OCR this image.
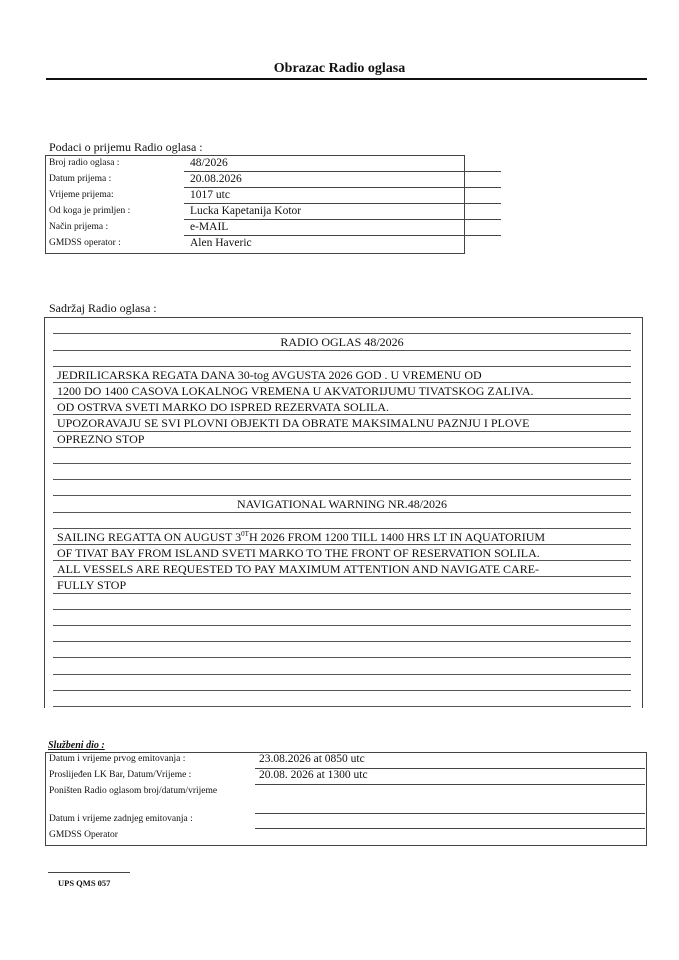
Obrazac Radio oglasa
Podaci o prijemu Radio oglasa :
Broj radio oglasa :	48/2026
Datum prijema :	20.08.2026
Vrijeme prijema:	1017 utc
Od koga je primljen :	Lucka Kapetanija Kotor
Način prijema :	e-MAIL
GMDSS operator :	Alen Haveric
Sadržaj Radio oglasa :
RADIO OGLAS 48/2026
JEDRILICARSKA REGATA DANA 30-tog AVGUSTA 2026 GOD . U VREMENU OD
1200 DO 1400 CASOVA LOKALNOG VREMENA U AKVATORIJUMU TIVATSKOG ZALIVA.
OD OSTRVA SVETI MARKO DO ISPRED REZERVATA SOLILA.
UPOZORAVAJU SE SVI PLOVNI OBJEKTI DA OBRATE MAKSIMALNU PAZNJU I PLOVE
OPREZNO STOP
NAVIGATIONAL WARNING NR.48/2026
SAILING REGATTA ON AUGUST $3^{0T}H$ 2026 FROM 1200 TILL 1400 HRS LT IN AQUATORIUM
OF TIVAT BAY FROM ISLAND SVETI MARKO TO THE FRONT OF RESERVATION SOLILA.
ALL VESSELS ARE REQUESTED TO PAY MAXIMUM ATTENTION AND NAVIGATE CARE-
FULLY STOP
Službeni dio :
Datum i vrijeme prvog emitovanja :	23.08.2026 at 0850 utc
Proslijeđen LK Bar, Datum/Vrijeme :	20.08. 2026 at 1300 utc
Poništen Radio oglasom broj/datum/vrijeme
Datum i vrijeme zadnjeg emitovanja :
GMDSS Operator
UPS QMS 057
